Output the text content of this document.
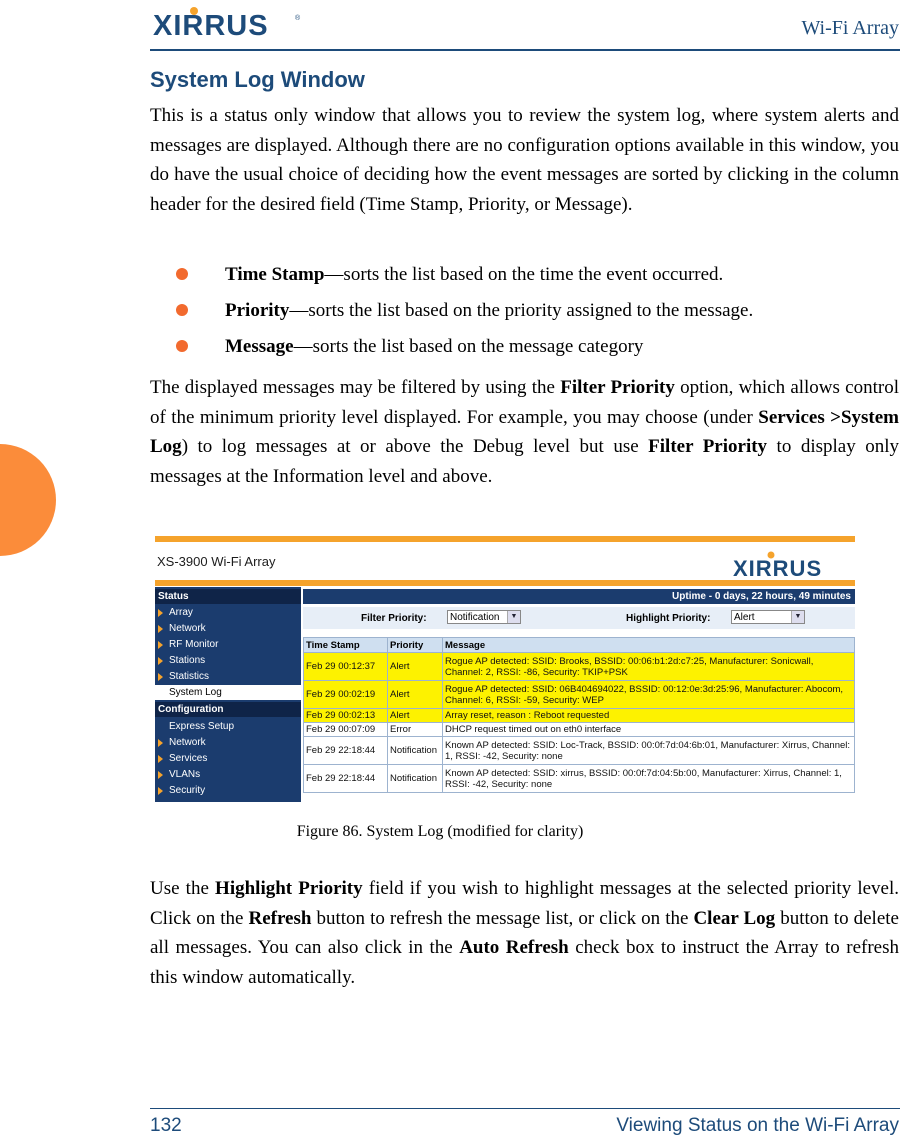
XIRRUS	®	Wi-Fi Array
System Log Window

This is a status only window that allows you to review the system log, where system alerts and messages are displayed. Although there are no configuration options available in this window, you do have the usual choice of deciding how the event messages are sorted by clicking in the column header for the desired field (Time Stamp, Priority, or Message).

Time Stamp—sorts the list based on the time the event occurred.
Priority—sorts the list based on the priority assigned to the message.
Message—sorts the list based on the message category

The displayed messages may be filtered by using the Filter Priority option, which allows control of the minimum priority level displayed. For example, you may choose (under Services >System Log) to log messages at or above the Debug level but use Filter Priority to display only messages at the Information level and above.

XS-3900 Wi-Fi Array	XIRRUS
Status
Array
Network
RF Monitor
Stations
Statistics
System Log
Configuration
Express Setup
Network
Services
VLANs
Security
Uptime - 0 days, 22 hours, 49 minutes
Filter Priority:	Notification	▼	Highlight Priority:	Alert	▼
Time Stamp	Priority	Message
Feb 29 00:12:37	Alert	Rogue AP detected: SSID: Brooks, BSSID: 00:06:b1:2d:c7:25, Manufacturer: Sonicwall, Channel: 2, RSSI: -86, Security: TKIP+PSK
Feb 29 00:02:19	Alert	Rogue AP detected: SSID: 06B404694022, BSSID: 00:12:0e:3d:25:96, Manufacturer: Abocom, Channel: 6, RSSI: -59, Security: WEP
Feb 29 00:02:13	Alert	Array reset, reason : Reboot requested
Feb 29 00:07:09	Error	DHCP request timed out on eth0 interface
Feb 29 22:18:44	Notification	Known AP detected: SSID: Loc-Track, BSSID: 00:0f:7d:04:6b:01, Manufacturer: Xirrus, Channel: 1, RSSI: -42, Security: none
Feb 29 22:18:44	Notification	Known AP detected: SSID: xirrus, BSSID: 00:0f:7d:04:5b:00, Manufacturer: Xirrus, Channel: 1, RSSI: -42, Security: none
Figure 86. System Log (modified for clarity)

Use the Highlight Priority field if you wish to highlight messages at the selected priority level. Click on the Refresh button to refresh the message list, or click on the Clear Log button to delete all messages. You can also click in the Auto Refresh check box to instruct the Array to refresh this window automatically.

132	Viewing Status on the Wi-Fi Array
